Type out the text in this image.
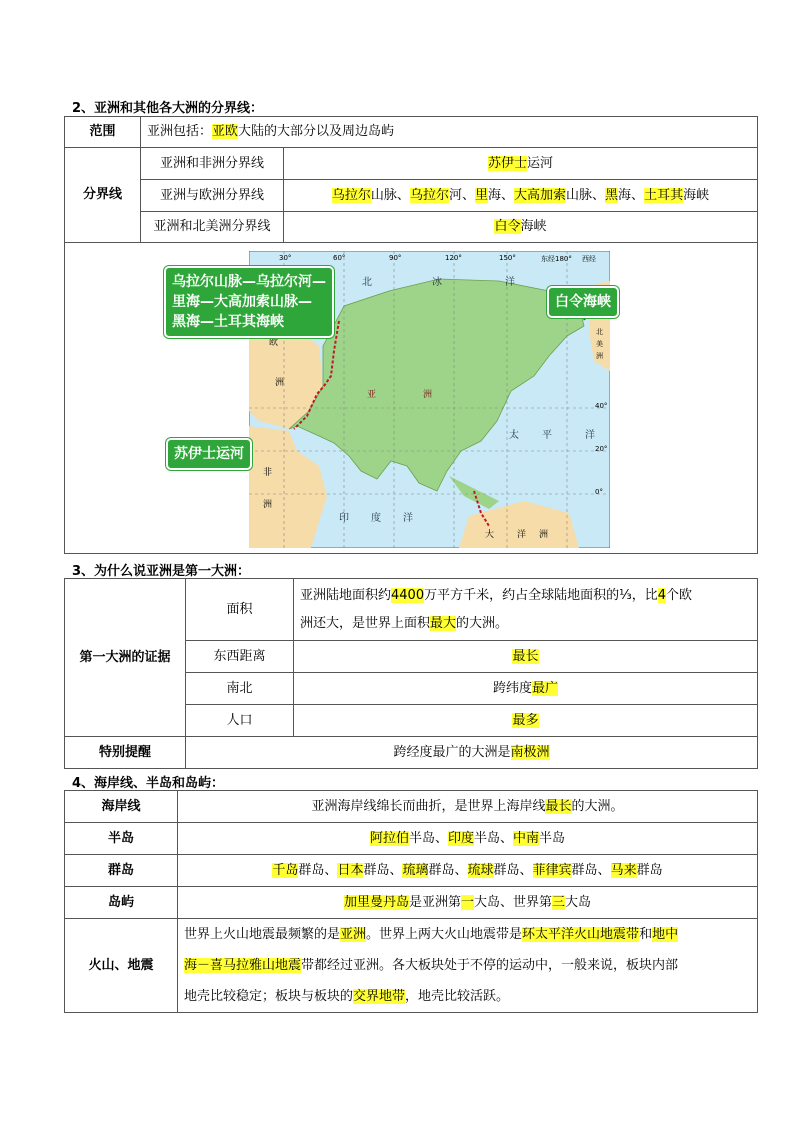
2、亚洲和其他各大洲的分界线：
范围	亚洲包括：亚欧大陆的大部分以及周边岛屿	
分界线	亚洲和非洲分界线	苏伊士运河
	亚洲与欧洲分界线	乌拉尔山脉、乌拉尔河、里海、大高加索山脉、黑海、土耳其海峡
	亚洲和北美洲分界线	白令海峡

30°	60°	90°	120°	150°	东经180° 西经
40°
20°
0°
北	冰	洋
太 平	洋
印 度 洋
亚	洲
欧
洲
非
洲
大	洋 洲
北
美
洲
乌拉尔山脉—乌拉尔河—
里海—大高加索山脉—
黑海—土耳其海峡
白令海峡
苏伊士运河
3、为什么说亚洲是第一大洲：
第一大洲的证据	面积	亚洲陆地面积约4400万平方千米，约占全球陆地面积的⅓，比4个欧
洲还大，是世界上面积最大的大洲。

	东西距离	最长
	南北	跨纬度最广
	人口	最多
特别提醒	跨经度最广的大洲是南极洲	
4、海岸线、半岛和岛屿：
海岸线	亚洲海岸线绵长而曲折，是世界上海岸线最长的大洲。
半岛	阿拉伯半岛、印度半岛、中南半岛
群岛	千岛群岛、日本群岛、琉璃群岛、琉球群岛、菲律宾群岛、马来群岛
岛屿	加里曼丹岛是亚洲第一大岛、世界第三大岛
火山、地震	世界上火山地震最频繁的是亚洲。世界上两大火山地震带是环太平洋火山地震带和地中
海－喜马拉雅山地震带都经过亚洲。各大板块处于不停的运动中，一般来说，板块内部
地壳比较稳定；板块与板块的交界地带，地壳比较活跃。
